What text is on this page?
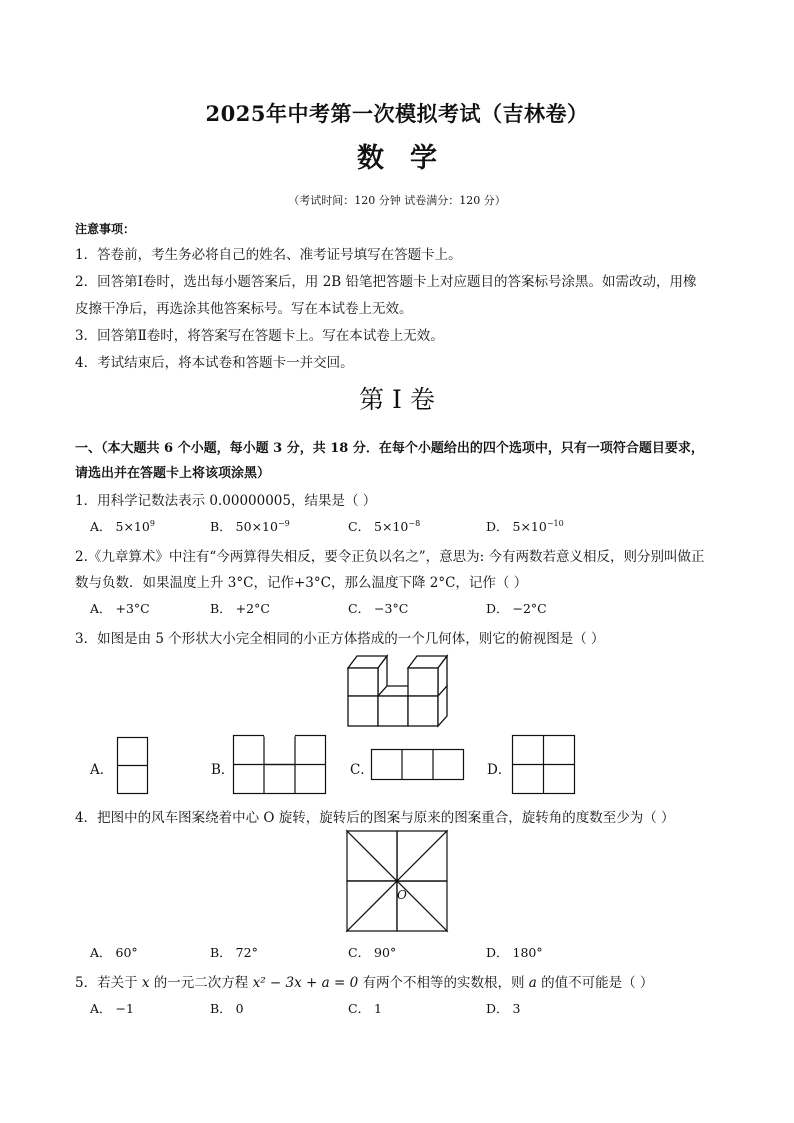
2025年中考第一次模拟考试（吉林卷）
数学
（考试时间：120 分钟 试卷满分：120 分）
注意事项：
1．答卷前，考生务必将自己的姓名、准考证号填写在答题卡上。
2．回答第Ⅰ卷时，选出每小题答案后，用 2B 铅笔把答题卡上对应题目的答案标号涂黑。如需改动，用橡
皮擦干净后，再选涂其他答案标号。写在本试卷上无效。
3．回答第Ⅱ卷时，将答案写在答题卡上。写在本试卷上无效。
4．考试结束后，将本试卷和答题卡一并交回。
第 I 卷
一、（本大题共 6 个小题，每小题 3 分，共 18 分．在每个小题给出的四个选项中，只有一项符合题目要求，
请选出并在答题卡上将该项涂黑）
1．用科学记数法表示 0.00000005，结果是（ ）
A． $5\times 10^9$	B． $50\times 10^{-9}$	C． $5\times 10^{-8}$	D． $5\times 10^{-10}$
2.《九章算术》中注有“今两算得失相反，要令正负以名之”，意思为: 今有两数若意义相反，则分别叫做正
数与负数．如果温度上升 3°C，记作+3°C，那么温度下降 2°C，记作（ ）
A． +3°C	B． +2°C	C． −3°C	D． −2°C
3．如图是由 5 个形状大小完全相同的小正方体搭成的一个几何体，则它的俯视图是（ ）
A．	B．	C．	D．
4．把图中的风车图案绕着中心 O 旋转，旋转后的图案与原来的图案重合，旋转角的度数至少为（ ）
O
A． 60°	B． 72°	C． 90°	D． 180°
5．若关于 x 的一元二次方程 x² − 3x + a = 0 有两个不相等的实数根，则 a 的值不可能是（ ）
A． −1	B． 0	C． 1	D． 3
